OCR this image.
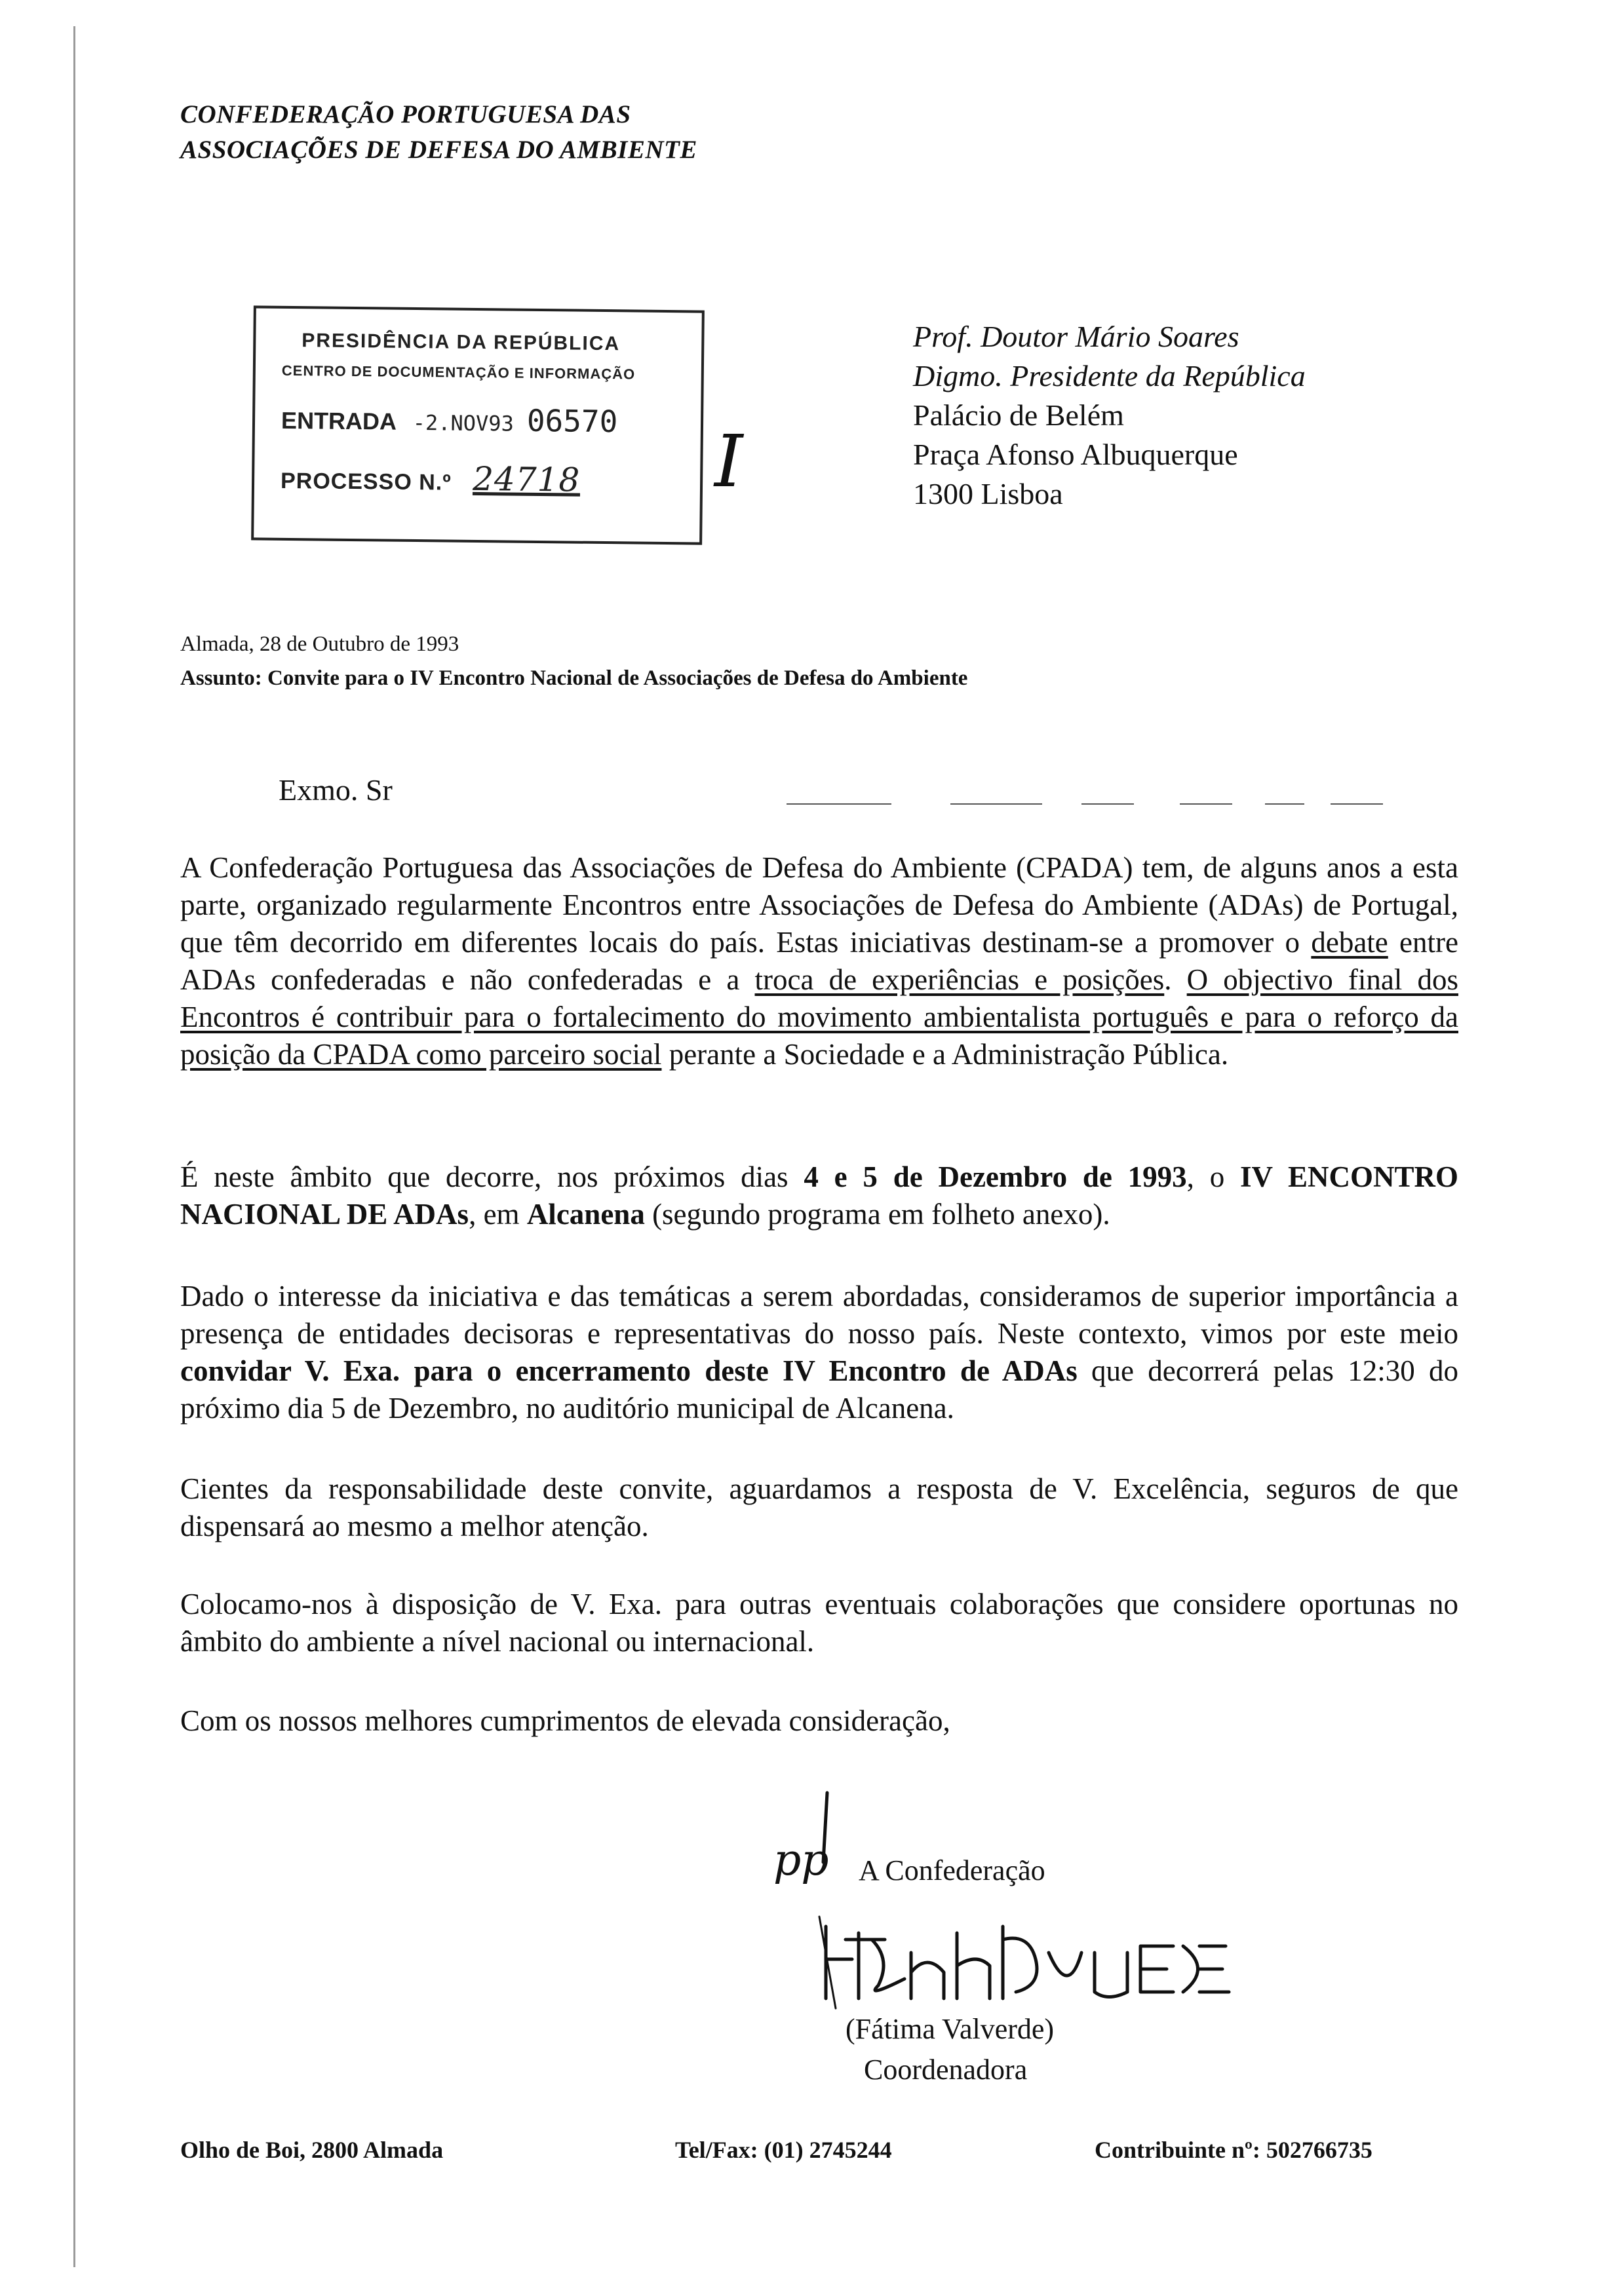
CONFEDERAÇÃO PORTUGUESA DAS
ASSOCIAÇÕES DE DEFESA DO AMBIENTE
PRESIDÊNCIA DA REPÚBLICA
CENTRO DE DOCUMENTAÇÃO E INFORMAÇÃO
ENTRADA -2.NOV93 06570
PROCESSO N.º 24718 I
Prof. Doutor Mário Soares
Digmo. Presidente da República
Palácio de Belém
Praça Afonso Albuquerque
1300 Lisboa
Almada, 28 de Outubro de 1993
Assunto: Convite para o IV Encontro Nacional de Associações de Defesa do Ambiente
Exmo. Sr
A Confederação Portuguesa das Associações de Defesa do Ambiente (CPADA) tem, de alguns anos a esta parte, organizado regularmente Encontros entre Associações de Defesa do Ambiente (ADAs) de Portugal, que têm decorrido em diferentes locais do país. Estas iniciativas destinam-se a promover o debate entre ADAs confederadas e não confederadas e a troca de experiências e posições. O objectivo final dos Encontros é contribuir para o fortalecimento do movimento ambientalista português e para o reforço da posição da CPADA como parceiro social perante a Sociedade e a Administração Pública.
É neste âmbito que decorre, nos próximos dias 4 e 5 de Dezembro de 1993, o IV ENCONTRO NACIONAL DE ADAs, em Alcanena (segundo programa em folheto anexo).
Dado o interesse da iniciativa e das temáticas a serem abordadas, consideramos de superior importância a presença de entidades decisoras e representativas do nosso país. Neste contexto, vimos por este meio convidar V. Exa. para o encerramento deste IV Encontro de ADAs que decorrerá pelas 12:30 do próximo dia 5 de Dezembro, no auditório municipal de Alcanena.
Cientes da responsabilidade deste convite, aguardamos a resposta de V. Excelência, seguros de que dispensará ao mesmo a melhor atenção.
Colocamo-nos à disposição de V. Exa. para outras eventuais colaborações que considere oportunas no âmbito do ambiente a nível nacional ou internacional.
Com os nossos melhores cumprimentos de elevada consideração,
pp A Confederação
(Fátima Valverde)
Coordenadora
Olho de Boi, 2800 Almada	Tel/Fax: (01) 2745244	Contribuinte nº: 502766735
